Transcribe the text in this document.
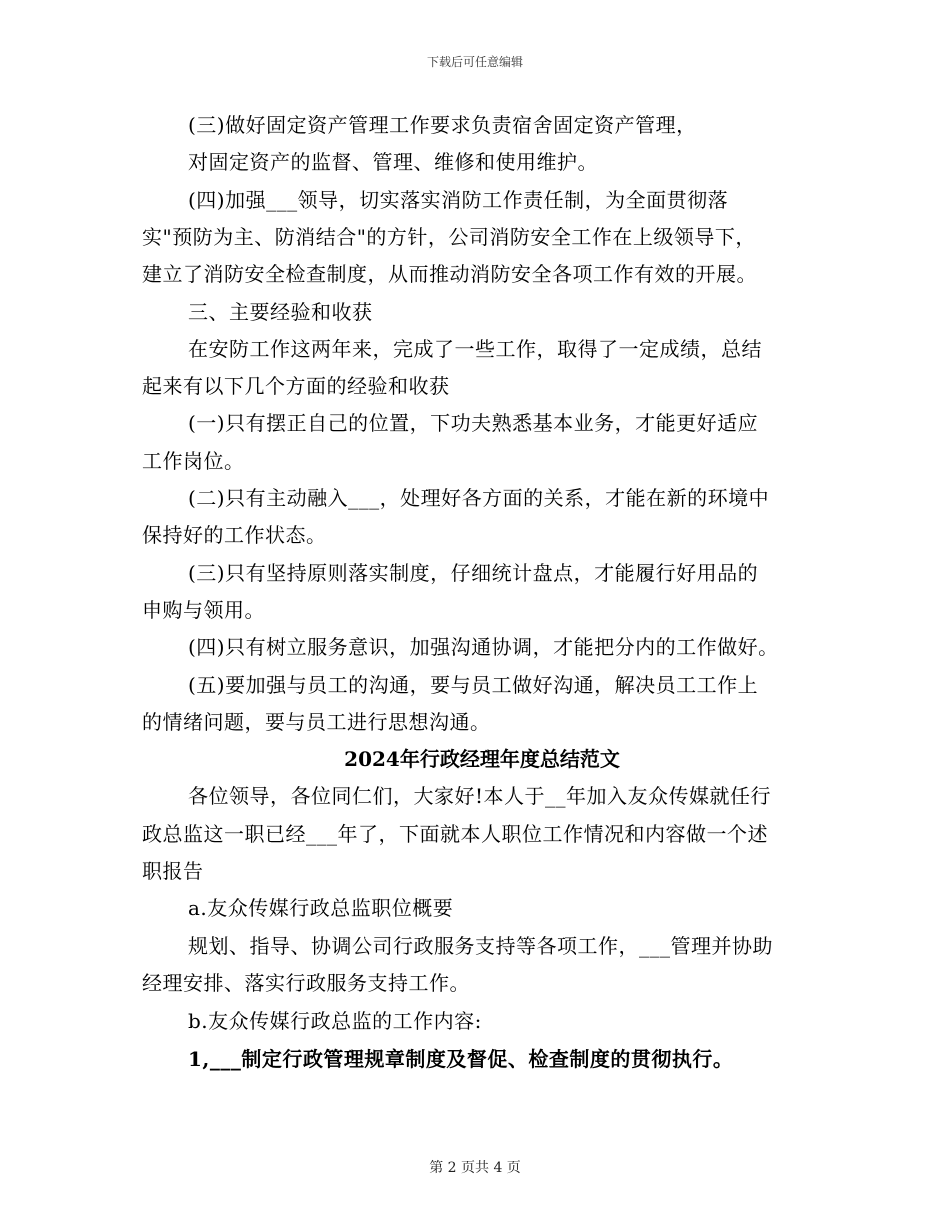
下载后可任意编辑
(三)做好固定资产管理工作要求负责宿舍固定资产管理，
对固定资产的监督、管理、维修和使用维护。
(四)加强___领导，切实落实消防工作责任制，为全面贯彻落
实"预防为主、防消结合"的方针，公司消防安全工作在上级领导下，
建立了消防安全检查制度，从而推动消防安全各项工作有效的开展。
三、主要经验和收获
在安防工作这两年来，完成了一些工作，取得了一定成绩，总结
起来有以下几个方面的经验和收获
(一)只有摆正自己的位置，下功夫熟悉基本业务，才能更好适应
工作岗位。
(二)只有主动融入___，处理好各方面的关系，才能在新的环境中
保持好的工作状态。
(三)只有坚持原则落实制度，仔细统计盘点，才能履行好用品的
申购与领用。
(四)只有树立服务意识，加强沟通协调，才能把分内的工作做好。
(五)要加强与员工的沟通，要与员工做好沟通，解决员工工作上
的情绪问题，要与员工进行思想沟通。
2024年行政经理年度总结范文
各位领导，各位同仁们，大家好!本人于__年加入友众传媒就任行
政总监这一职已经___年了，下面就本人职位工作情况和内容做一个述
职报告
a.友众传媒行政总监职位概要
规划、指导、协调公司行政服务支持等各项工作，___管理并协助
经理安排、落实行政服务支持工作。
b.友众传媒行政总监的工作内容:
1,___制定行政管理规章制度及督促、检查制度的贯彻执行。
第 2 页共 4 页
